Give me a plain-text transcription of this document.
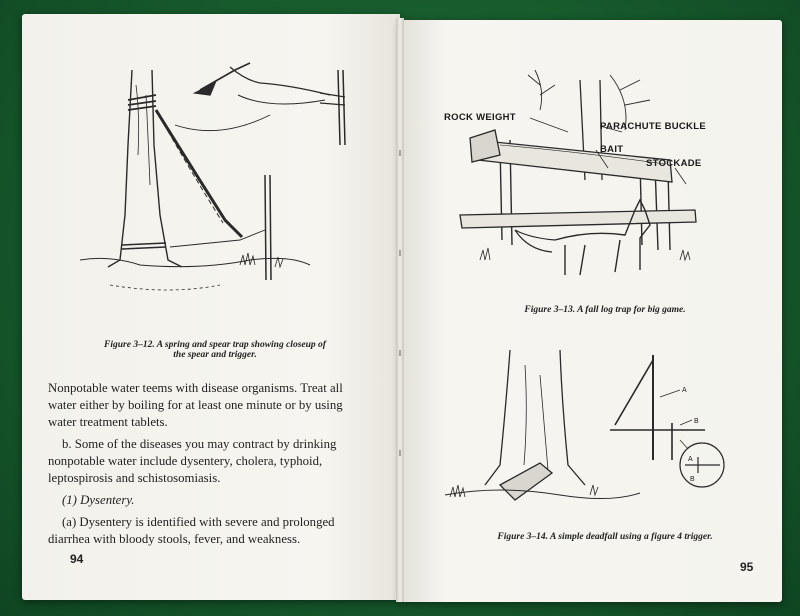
Figure 3–12. A spring and spear trap showing closeup of
the spear and trigger.

Nonpotable water teems with disease organisms. Treat all water either by boiling for at least one minute or by using water treatment tablets.

b. Some of the diseases you may contract by drinking nonpotable water include dysentery, cholera, typhoid, leptospirosis and schistosomiasis.

(1) Dysentery.

(a) Dysentery is identified with severe and prolonged diarrhea with bloody stools, fever, and weakness.

94
ROCK WEIGHT
PARACHUTE BUCKLE
BAIT
STOCKADE
Figure 3–13. A fall log trap for big game.
A
B
A
B
Figure 3–14. A simple deadfall using a figure 4 trigger.
95
